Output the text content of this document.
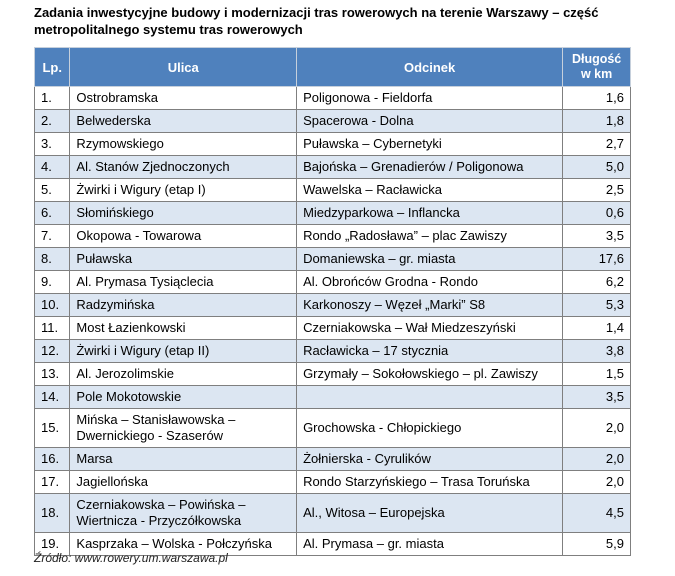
Zadania inwestycyjne budowy i modernizacji tras rowerowych na terenie Warszawy – część metropolitalnego systemu tras rowerowych
Lp.	Ulica	Odcinek	Długość w km
1.	Ostrobramska	Poligonowa - Fieldorfa	1,6
2.	Belwederska	Spacerowa - Dolna	1,8
3.	Rzymowskiego	Puławska – Cybernetyki	2,7
4.	Al. Stanów Zjednoczonych	Bajońska – Grenadierów / Poligonowa	5,0
5.	Żwirki i Wigury (etap I)	Wawelska – Racławicka	2,5
6.	Słomińskiego	Miedzyparkowa – Inflancka	0,6
7.	Okopowa - Towarowa	Rondo „Radosława” – plac Zawiszy	3,5
8.	Puławska	Domaniewska – gr. miasta	17,6
9.	Al. Prymasa Tysiąclecia	Al. Obrońców Grodna - Rondo	6,2
10.	Radzymińska	Karkonoszy – Węzeł „Marki” S8	5,3
11.	Most Łazienkowski	Czerniakowska – Wał Miedzeszyński	1,4
12.	Żwirki i Wigury (etap II)	Racławicka – 17 stycznia	3,8
13.	Al. Jerozolimskie	Grzymały – Sokołowskiego – pl. Zawiszy	1,5
14.	Pole Mokotowskie		3,5
15.	Mińska – Stanisławowska – Dwernickiego - Szaserów	Grochowska - Chłopickiego	2,0
16.	Marsa	Żołnierska - Cyrulików	2,0
17.	Jagiellońska	Rondo Starzyńskiego – Trasa Toruńska	2,0
18.	Czerniakowska – Powińska – Wiertnicza - Przyczółkowska	Al., Witosa – Europejska	4,5
19.	Kasprzaka – Wolska - Połczyńska	Al. Prymasa – gr. miasta	5,9
Źródło: www.rowery.um.warszawa.pl
